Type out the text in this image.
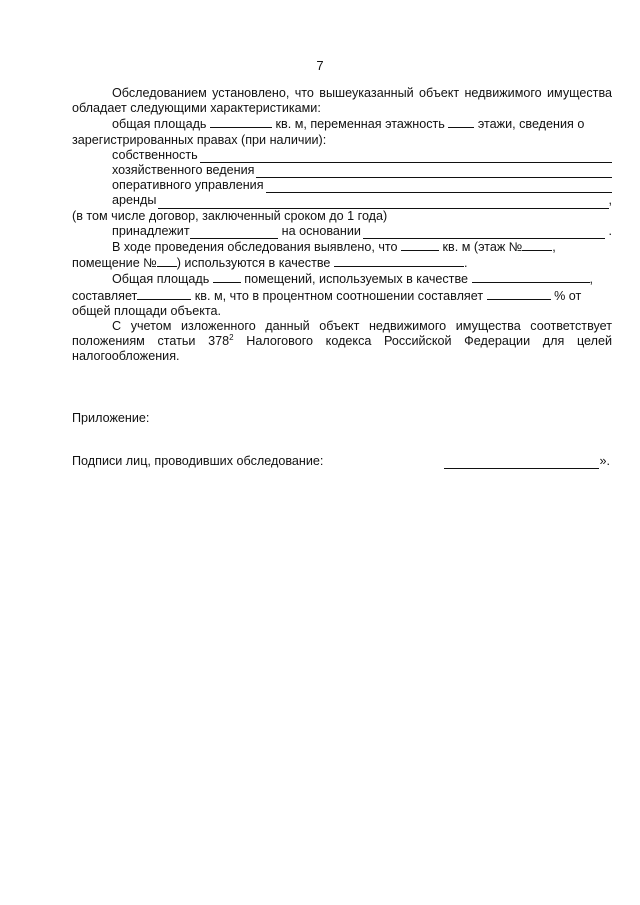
7

Обследованием установлено, что вышеуказанный объект недвижимого имущества обладает следующими характеристиками:

общая площадь	кв. м, переменная этажность	этажи, сведения о

зарегистрированных правах (при наличии):

собственность
хозяйственного ведения
оперативного управления
аренды	,

(в том числе договор, заключенный сроком до 1 года)

принадлежит	на основании	.

В ходе проведения обследования выявлено, что	кв. м (этаж № ,

помещение № ) используются в качестве	.

Общая площадь	помещений, используемых в качестве	,

составляет	кв. м, что в процентном соотношении составляет	% от

общей площади объекта.

С учетом изложенного данный объект недвижимого имущества соответствует положениям статьи $378^2$ Налогового кодекса Российской Федерации для целей налогообложения.

Приложение:

Подписи лиц, проводивших обследование:	».
